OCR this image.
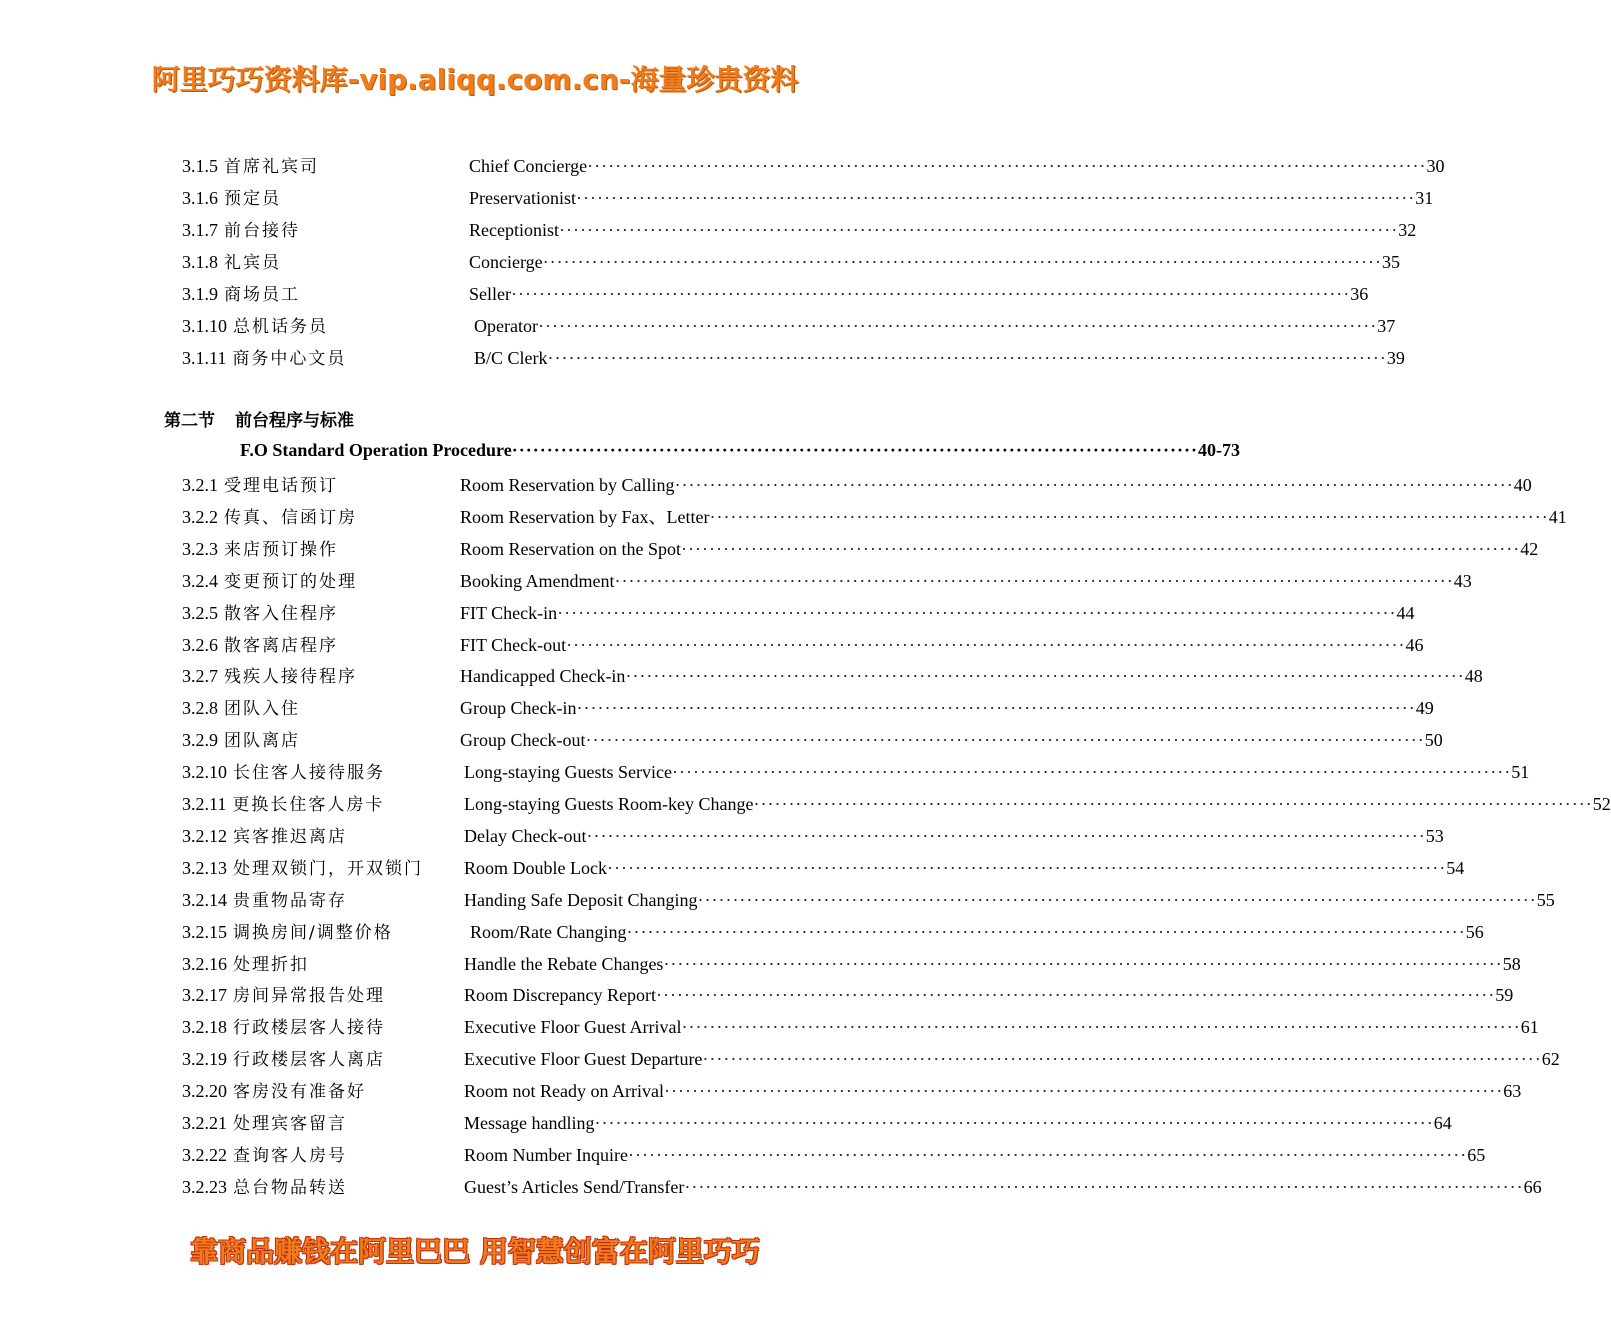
阿里巧巧资料库-vip.aliqq.com.cn-海量珍贵资料
3.1.5 首席礼宾司	Chief Concierge ························································································································ 30
3.1.6 预定员	Preservationist ························································································································ 31
3.1.7 前台接待	Receptionist ························································································································ 32
3.1.8 礼宾员	Concierge ························································································································ 35
3.1.9 商场员工	Seller ························································································································ 36
3.1.10 总机话务员	Operator ························································································································ 37
3.1.11 商务中心文员	B/C Clerk ························································································································ 39
第二节 前台程序与标准
F.O Standard Operation Procedure ·································································································· 40-73
3.2.1 受理电话预订	Room Reservation by Calling ························································································································ 40
3.2.2 传真、信函订房	Room Reservation by Fax、Letter ························································································································ 41
3.2.3 来店预订操作	Room Reservation on the Spot ························································································································ 42
3.2.4 变更预订的处理	Booking Amendment ························································································································ 43
3.2.5 散客入住程序	FIT Check-in ························································································································ 44
3.2.6 散客离店程序	FIT Check-out ························································································································ 46
3.2.7 残疾人接待程序	Handicapped Check-in ························································································································ 48
3.2.8 团队入住	Group Check-in ························································································································ 49
3.2.9 团队离店	Group Check-out ························································································································ 50
3.2.10 长住客人接待服务	Long-staying Guests Service ························································································································ 51
3.2.11 更换长住客人房卡	Long-staying Guests Room-key Change ························································································································ 52
3.2.12 宾客推迟离店	Delay Check-out ························································································································ 53
3.2.13 处理双锁门，开双锁门 Room Double Lock ························································································································ 54
3.2.14 贵重物品寄存	Handing Safe Deposit Changing ························································································································ 55
3.2.15 调换房间/调整价格	Room/Rate Changing ························································································································ 56
3.2.16 处理折扣	Handle the Rebate Changes ························································································································ 58
3.2.17 房间异常报告处理	Room Discrepancy Report ························································································································ 59
3.2.18 行政楼层客人接待	Executive Floor Guest Arrival ························································································································ 61
3.2.19 行政楼层客人离店	Executive Floor Guest Departure ························································································································ 62
3.2.20 客房没有准备好	Room not Ready on Arrival ························································································································ 63
3.2.21 处理宾客留言	Message handling ························································································································ 64
3.2.22 查询客人房号	Room Number Inquire ························································································································ 65
3.2.23 总台物品转送	Guest’s Articles Send/Transfer ························································································································ 66
靠商品赚钱在阿里巴巴 用智慧创富在阿里巧巧
